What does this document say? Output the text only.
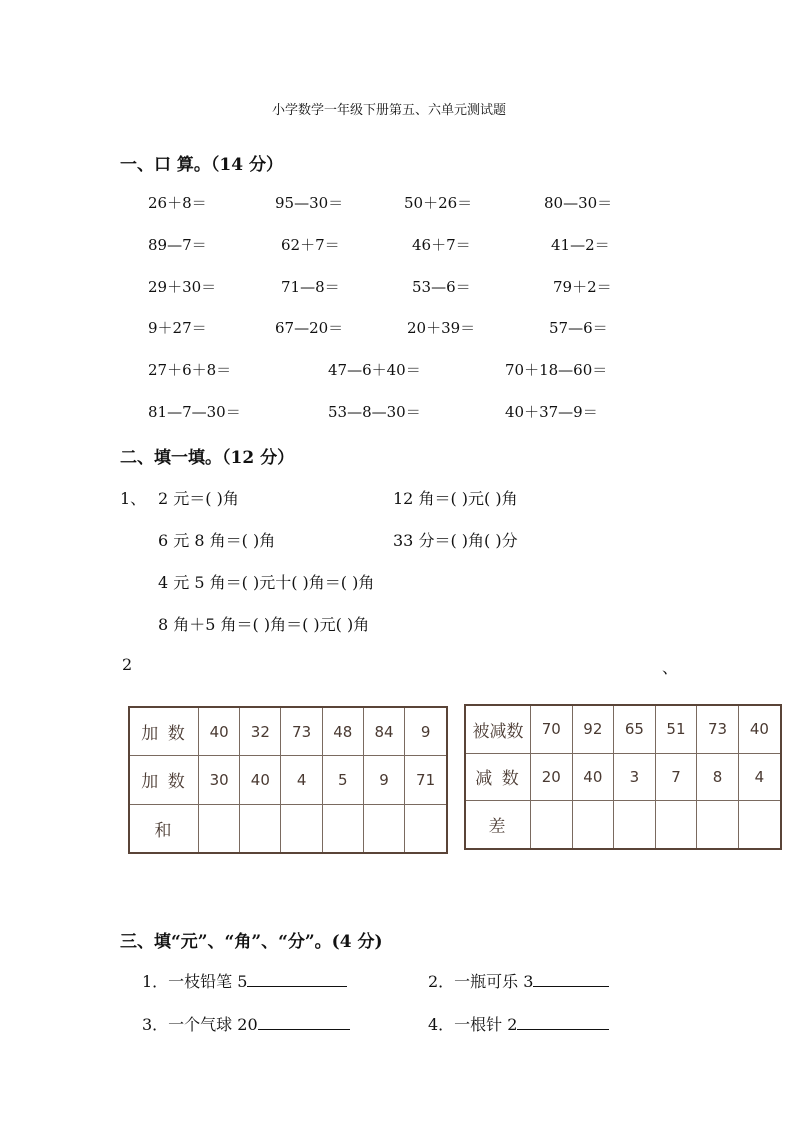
小学数学一年级下册第五、六单元测试题
一、口 算。（14 分）
26＋8＝	95—30＝	50＋26＝	80—30＝
89—7＝	62＋7＝	46＋7＝	41—2＝
29＋30＝	71—8＝	53—6＝	79＋2＝
9＋27＝	67—20＝	20＋39＝	57—6＝
27＋6＋8＝	47—6＋40＝	70＋18—60＝
81—7—30＝	53—8—30＝	40＋37—9＝
二、填一填。（12 分）
1、 2 元＝( )角	12 角＝( )元( )角
6 元 8 角＝( )角	33 分＝( )角( )分
4 元 5 角＝( )元十( )角＝( )角
8 角＋5 角＝( )角＝( )元( )角
2	、
加 数	40	32	73	48	84	9
加 数	30	40	4	5	9	71
和						
被减数	70	92	65	51	73	40
减 数	20	40	3	7	8	4
差						
三、填“元”、“角”、“分”。(4 分)
1．一枝铅笔 5	2．一瓶可乐 3
3．一个气球 20	4．一根针 2
